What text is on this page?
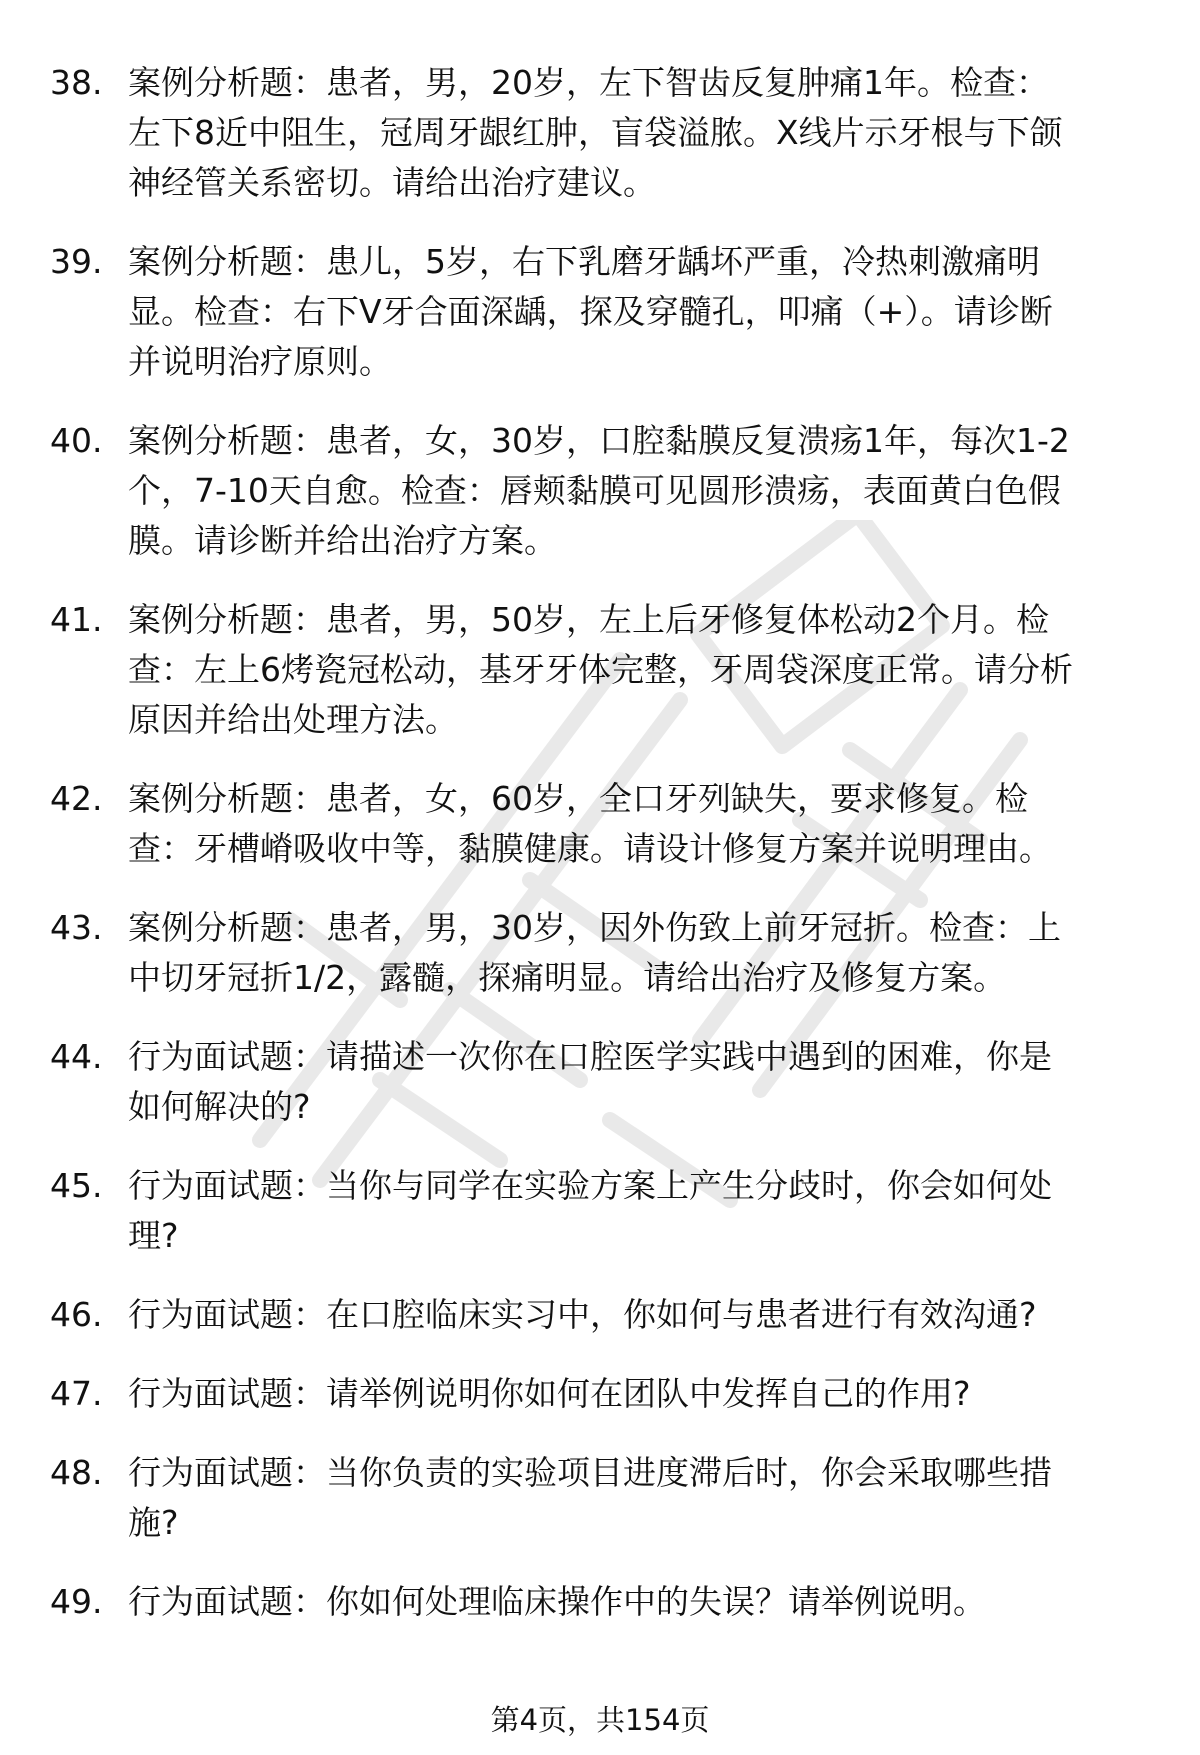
38. 案例分析题：患者，男，20岁，左下智齿反复肿痛1年。检查：
左下8近中阻生，冠周牙龈红肿，盲袋溢脓。X线片示牙根与下颌
神经管关系密切。请给出治疗建议。
39. 案例分析题：患儿，5岁，右下乳磨牙龋坏严重，冷热刺激痛明
显。检查：右下V牙合面深龋，探及穿髓孔，叩痛（+）。请诊断
并说明治疗原则。
40. 案例分析题：患者，女，30岁，口腔黏膜反复溃疡1年，每次1-2
个，7-10天自愈。检查：唇颊黏膜可见圆形溃疡，表面黄白色假
膜。请诊断并给出治疗方案。
41. 案例分析题：患者，男，50岁，左上后牙修复体松动2个月。检
查：左上6烤瓷冠松动，基牙牙体完整，牙周袋深度正常。请分析
原因并给出处理方法。
42. 案例分析题：患者，女，60岁，全口牙列缺失，要求修复。检
查：牙槽嵴吸收中等，黏膜健康。请设计修复方案并说明理由。
43. 案例分析题：患者，男，30岁，因外伤致上前牙冠折。检查：上
中切牙冠折1/2，露髓，探痛明显。请给出治疗及修复方案。
44. 行为面试题：请描述一次你在口腔医学实践中遇到的困难，你是
如何解决的?
45. 行为面试题：当你与同学在实验方案上产生分歧时，你会如何处
理?
46. 行为面试题：在口腔临床实习中，你如何与患者进行有效沟通?
47. 行为面试题：请举例说明你如何在团队中发挥自己的作用?
48. 行为面试题：当你负责的实验项目进度滞后时，你会采取哪些措
施?
49. 行为面试题：你如何处理临床操作中的失误？请举例说明。
第4页，共154页
